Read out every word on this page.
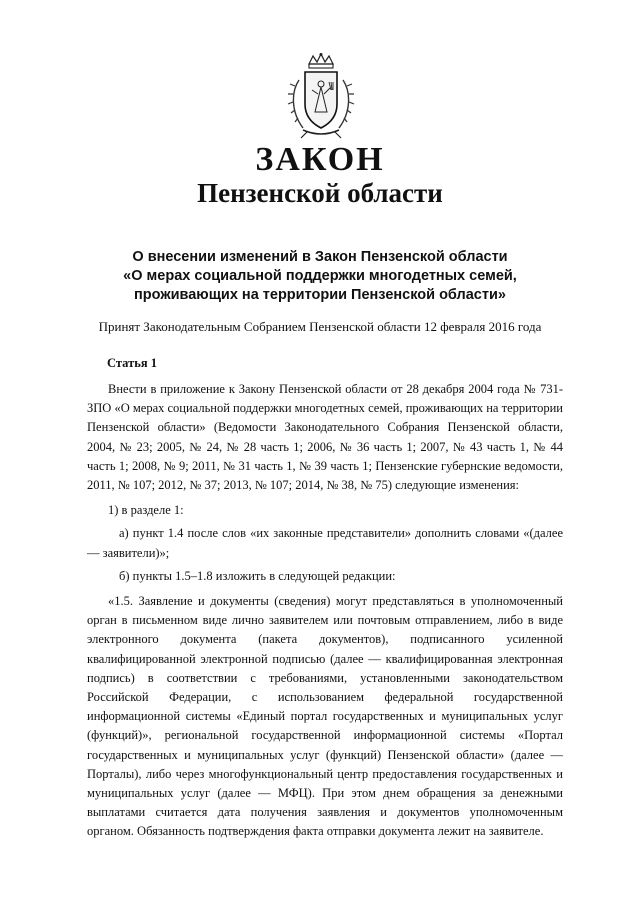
ЗАКОН
Пензенской области
О внесении изменений в Закон Пензенской области
«О мерах социальной поддержки многодетных семей,
проживающих на территории Пензенской области»
Принят Законодательным Собранием Пензенской области 12 февраля 2016 года
Статья 1

Внести в приложение к Закону Пензенской области от 28 декабря 2004 года № 731-ЗПО «О мерах социальной поддержки многодетных семей, проживающих на территории Пензенской области» (Ведомости Законодательного Собрания Пензенской области, 2004, № 23; 2005, № 24, № 28 часть 1; 2006, № 36 часть 1; 2007, № 43 часть 1, № 44 часть 1; 2008, № 9; 2011, № 31 часть 1, № 39 часть 1; Пензенские губернские ведомости, 2011, № 107; 2012, № 37; 2013, № 107; 2014, № 38, № 75) следующие изменения:

1) в разделе 1:

а) пункт 1.4 после слов «их законные представители» дополнить словами «(далее — заявители)»;

б) пункты 1.5–1.8 изложить в следующей редакции:

«1.5. Заявление и документы (сведения) могут представляться в уполномоченный орган в письменном виде лично заявителем или почтовым отправлением, либо в виде электронного документа (пакета документов), подписанного усиленной квалифицированной электронной подписью (далее — квалифицированная электронная подпись) в соответствии с требованиями, установленными законодательством Российской Федерации, с использованием федеральной государственной информационной системы «Единый портал государственных и муниципальных услуг (функций)», региональной государственной информационной системы «Портал государственных и муниципальных услуг (функций) Пензенской области» (далее — Порталы), либо через многофункциональный центр предоставления государственных и муниципальных услуг (далее — МФЦ). При этом днем обращения за денежными выплатами считается дата получения заявления и документов уполномоченным органом. Обязанность подтверждения факта отправки документа лежит на заявителе.
